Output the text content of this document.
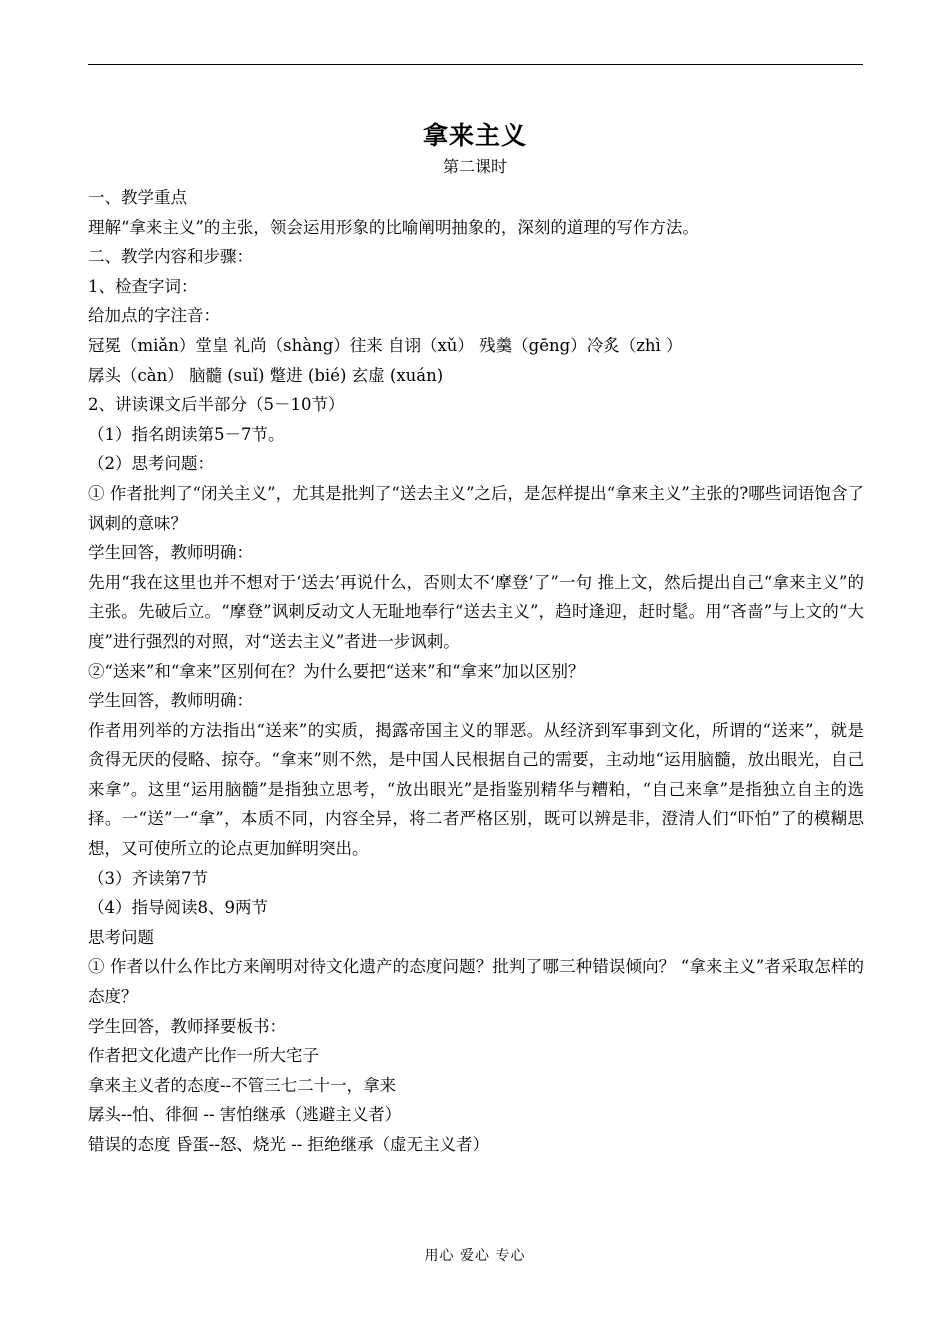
拿来主义
第二课时

一、教学重点

理解“拿来主义”的主张，领会运用形象的比喻阐明抽象的，深刻的道理的写作方法。

二、教学内容和步骤：

1、检查字词：

给加点的字注音：

冠冕（miǎn）堂皇 礼尚（shàng）往来 自诩（xǔ） 残羹（gēng）冷炙（zhì ）

孱头（càn） 脑髓 (suǐ) 蹩进 (bié) 玄虚 (xuán)

2、讲读课文后半部分（5－10节）

（1）指名朗读第5－7节。

（2）思考问题：

① 作者批判了“闭关主义”，尤其是批判了“送去主义”之后，是怎样提出“拿来主义”主张的?哪些词语饱含了讽刺的意味？

学生回答，教师明确：

先用“我在这里也并不想对于‘送去’再说什么，否则太不‘摩登’了”一句 推上文，然后提出自己“拿来主义”的主张。先破后立。“摩登”讽刺反动文人无耻地奉行“送去主义”，趋时逢迎，赶时髦。用“吝啬”与上文的“大度”进行强烈的对照，对“送去主义”者进一步讽刺。

②“送来”和“拿来”区别何在？为什么要把“送来”和“拿来”加以区别？

学生回答，教师明确：

作者用列举的方法指出“送来”的实质，揭露帝国主义的罪恶。从经济到军事到文化，所谓的“送来”，就是贪得无厌的侵略、掠夺。“拿来”则不然，是中国人民根据自己的需要，主动地“运用脑髓，放出眼光，自己来拿”。这里“运用脑髓”是指独立思考，“放出眼光”是指鉴别精华与糟粕，“自己来拿”是指独立自主的选择。一“送”一“拿”，本质不同，内容全异，将二者严格区别，既可以辨是非，澄清人们“吓怕”了的模糊思想，又可使所立的论点更加鲜明突出。

（3）齐读第7节

（4）指导阅读8、9两节

思考问题

① 作者以什么作比方来阐明对待文化遗产的态度问题？批判了哪三种错误倾向？ “拿来主义”者采取怎样的态度？

学生回答，教师择要板书：

作者把文化遗产比作一所大宅子

拿来主义者的态度--不管三七二十一，拿来

孱头--怕、徘徊 -- 害怕继承（逃避主义者）

错误的态度 昏蛋--怒、烧光 -- 拒绝继承（虚无主义者）

用心 爱心 专心
